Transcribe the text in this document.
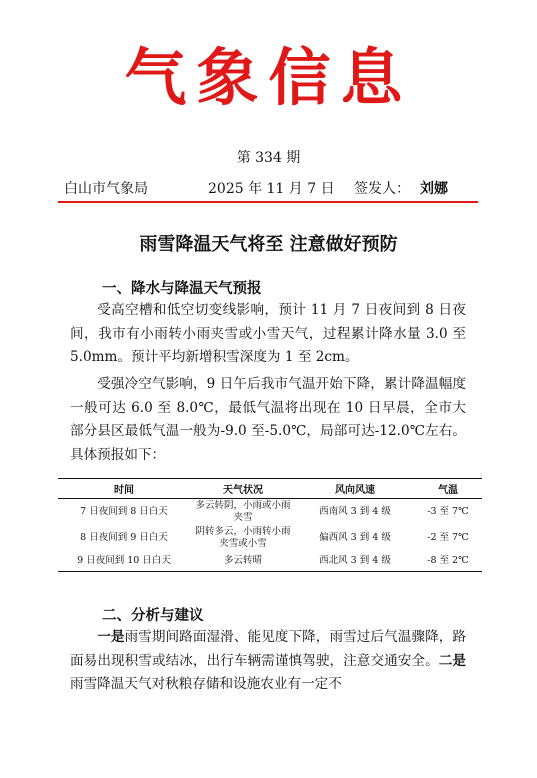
气象信息
第 334 期
白山市气象局	2025 年 11 月 7 日 签发人： 刘娜
雨雪降温天气将至 注意做好预防
一、降水与降温天气预报

受高空槽和低空切变线影响，预计 11 月 7 日夜间到 8 日夜间，我市有小雨转小雨夹雪或小雪天气，过程累计降水量 3.0 至 5.0mm。预计平均新增积雪深度为 1 至 2cm。

受强冷空气影响，9 日午后我市气温开始下降，累计降温幅度一般可达 6.0 至 8.0℃，最低气温将出现在 10 日早晨，全市大部分县区最低气温一般为-9.0 至-5.0℃，局部可达-12.0℃左右。具体预报如下：

时间	天气状况	风向风速	气温
7 日夜间到 8 日白天	多云转阴，小雨或小雨夹雪	西南风 3 到 4 级	-3 至 7℃
8 日夜间到 9 日白天	阴转多云，小雨转小雨夹雪或小雪	偏西风 3 到 4 级	-2 至 7℃
9 日夜间到 10 日白天	多云转晴	西北风 3 到 4 级	-8 至 2℃
二、分析与建议

一是雨雪期间路面湿滑、能见度下降，雨雪过后气温骤降，路面易出现积雪或结冰，出行车辆需谨慎驾驶，注意交通安全。二是雨雪降温天气对秋粮存储和设施农业有一定不
